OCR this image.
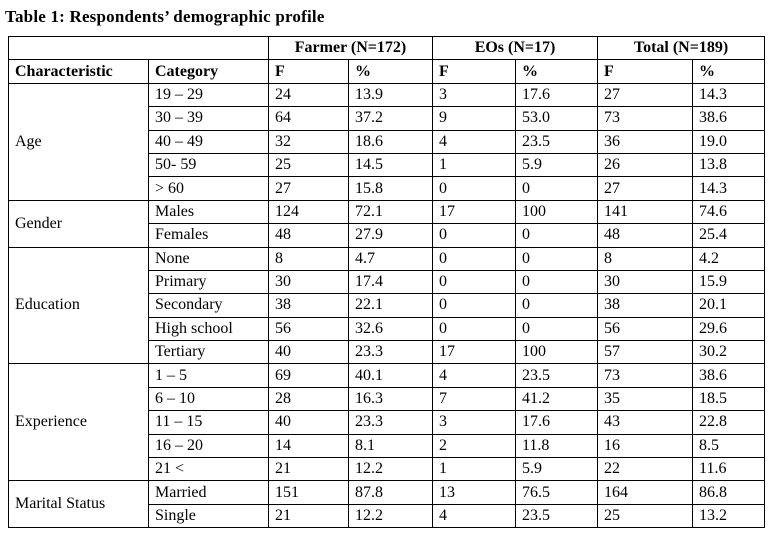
Table 1: Respondents’ demographic profile
		Farmer (N=172)		EOs (N=17)		Total (N=189)	
Characteristic	Category	F	%	F	%	F	%
Age	19 – 29	24	13.9	3	17.6	27	14.3
	30 – 39	64	37.2	9	53.0	73	38.6
	40 – 49	32	18.6	4	23.5	36	19.0
	50- 59	25	14.5	1	5.9	26	13.8
	> 60	27	15.8	0	0	27	14.3
Gender	Males	124	72.1	17	100	141	74.6
	Females	48	27.9	0	0	48	25.4
Education	None	8	4.7	0	0	8	4.2
	Primary	30	17.4	0	0	30	15.9
	Secondary	38	22.1	0	0	38	20.1
	High school	56	32.6	0	0	56	29.6
	Tertiary	40	23.3	17	100	57	30.2
Experience	1 – 5	69	40.1	4	23.5	73	38.6
	6 – 10	28	16.3	7	41.2	35	18.5
	11 – 15	40	23.3	3	17.6	43	22.8
	16 – 20	14	8.1	2	11.8	16	8.5
	21 <	21	12.2	1	5.9	22	11.6
Marital Status	Married	151	87.8	13	76.5	164	86.8
	Single	21	12.2	4	23.5	25	13.2
